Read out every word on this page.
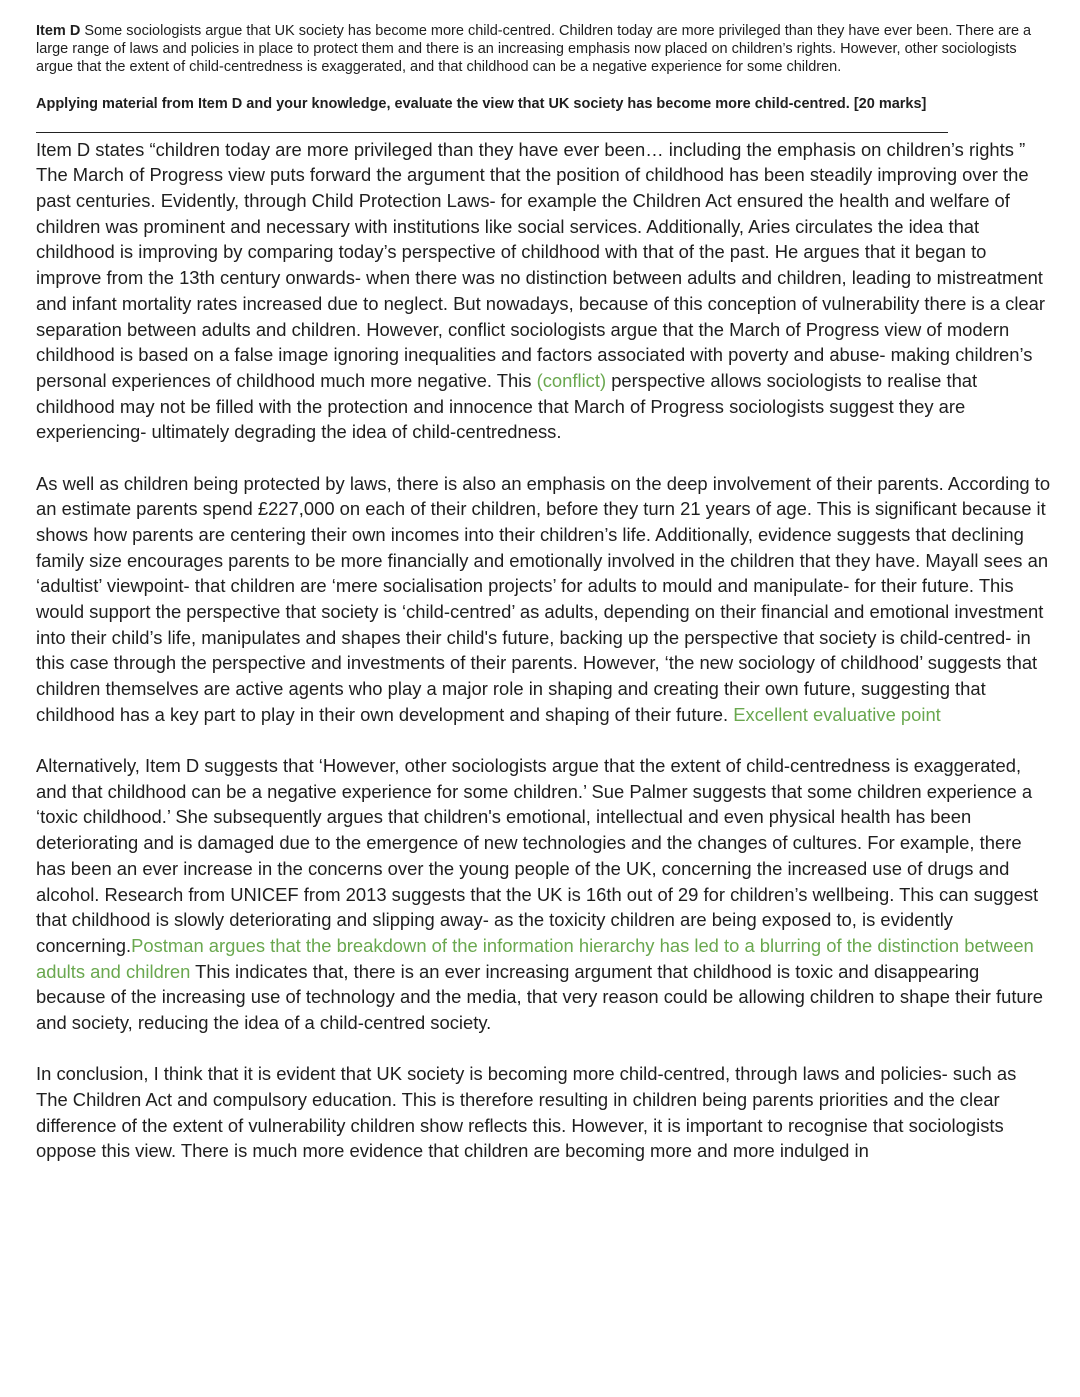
Item D Some sociologists argue that UK society has become more child-centred. Children today are more privileged than they have ever been. There are a large range of laws and policies in place to protect them and there is an increasing emphasis now placed on children’s rights. However, other sociologists argue that the extent of child-centredness is exaggerated, and that childhood can be a negative experience for some children.

Applying material from Item D and your knowledge, evaluate the view that UK society has become more child-centred. [20 marks]

Item D states “children today are more privileged than they have ever been… including the emphasis on children’s rights ” The March of Progress view puts forward the argument that the position of childhood has been steadily improving over the past centuries. Evidently, through Child Protection Laws- for example the Children Act ensured the health and welfare of children was prominent and necessary with institutions like social services. Additionally, Aries circulates the idea that childhood is improving by comparing today’s perspective of childhood with that of the past. He argues that it began to improve from the 13th century onwards- when there was no distinction between adults and children, leading to mistreatment and infant mortality rates increased due to neglect. But nowadays, because of this conception of vulnerability there is a clear separation between adults and children. However, conflict sociologists argue that the March of Progress view of modern childhood is based on a false image ignoring inequalities and factors associated with poverty and abuse- making children’s personal experiences of childhood much more negative. This (conflict) perspective allows sociologists to realise that childhood may not be filled with the protection and innocence that March of Progress sociologists suggest they are experiencing- ultimately degrading the idea of child-centredness.

As well as children being protected by laws, there is also an emphasis on the deep involvement of their parents. According to an estimate parents spend £227,000 on each of their children, before they turn 21 years of age. This is significant because it shows how parents are centering their own incomes into their children’s life. Additionally, evidence suggests that declining family size encourages parents to be more financially and emotionally involved in the children that they have. Mayall sees an ‘adultist’ viewpoint- that children are ‘mere socialisation projects’ for adults to mould and manipulate- for their future. This would support the perspective that society is ‘child-centred’ as adults, depending on their financial and emotional investment into their child’s life, manipulates and shapes their child's future, backing up the perspective that society is child-centred- in this case through the perspective and investments of their parents. However, ‘the new sociology of childhood’ suggests that children themselves are active agents who play a major role in shaping and creating their own future, suggesting that childhood has a key part to play in their own development and shaping of their future. Excellent evaluative point

Alternatively, Item D suggests that ‘However, other sociologists argue that the extent of child-centredness is exaggerated, and that childhood can be a negative experience for some children.’ Sue Palmer suggests that some children experience a ‘toxic childhood.’ She subsequently argues that children's emotional, intellectual and even physical health has been deteriorating and is damaged due to the emergence of new technologies and the changes of cultures. For example, there has been an ever increase in the concerns over the young people of the UK, concerning the increased use of drugs and alcohol. Research from UNICEF from 2013 suggests that the UK is 16th out of 29 for children’s wellbeing. This can suggest that childhood is slowly deteriorating and slipping away- as the toxicity children are being exposed to, is evidently concerning.Postman argues that the breakdown of the information hierarchy has led to a blurring of the distinction between adults and children This indicates that, there is an ever increasing argument that childhood is toxic and disappearing because of the increasing use of technology and the media, that very reason could be allowing children to shape their future and society, reducing the idea of a child-centred society.

In conclusion, I think that it is evident that UK society is becoming more child-centred, through laws and policies- such as The Children Act and compulsory education. This is therefore resulting in children being parents priorities and the clear difference of the extent of vulnerability children show reflects this. However, it is important to recognise that sociologists oppose this view. There is much more evidence that children are becoming more and more indulged in
